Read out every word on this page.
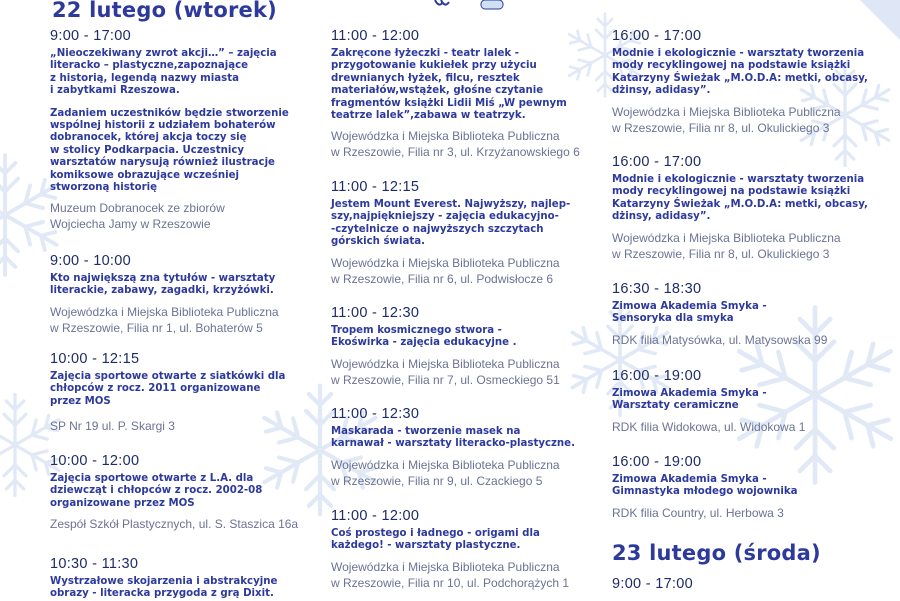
22 lutego (wtorek)
9:00 - 17:00
„Nieoczekiwany zwrot akcji…” – zajęcia
literacko – plastyczne,zapoznające
z historią, legendą nazwy miasta
i zabytkami Rzeszowa.
Zadaniem uczestników będzie stworzenie
wspólnej historii z udziałem bohaterów
dobranocek, której akcja toczy się
w stolicy Podkarpacia. Uczestnicy
warsztatów narysują również ilustracje
komiksowe obrazujące wcześniej
stworzoną historię
Muzeum Dobranocek ze zbiorów
Wojciecha Jamy w Rzeszowie
9:00 - 10:00
Kto największą zna tytułów - warsztaty
literackie, zabawy, zagadki, krzyżówki.
Wojewódzka i Miejska Biblioteka Publiczna
w Rzeszowie, Filia nr 1, ul. Bohaterów 5
10:00 - 12:15
Zajęcia sportowe otwarte z siatkówki dla
chłopców z rocz. 2011 organizowane
przez MOS
SP Nr 19 ul. P. Skargi 3
10:00 - 12:00
Zajęcia sportowe otwarte z L.A. dla
dziewcząt i chłopców z rocz. 2002-08
organizowane przez MOS
Zespół Szkół Plastycznych, ul. S. Staszica 16a
10:30 - 11:30
Wystrzałowe skojarzenia i abstrakcyjne
obrazy - literacka przygoda z grą Dixit.
11:00 - 12:00
Zakręcone łyżeczki - teatr lalek -
przygotowanie kukiełek przy użyciu
drewnianych łyżek, filcu, resztek
materiałów,wstążek, głośne czytanie
fragmentów książki Lidii Miś „W pewnym
teatrze lalek”,zabawa w teatrzyk.
Wojewódzka i Miejska Biblioteka Publiczna
w Rzeszowie, Filia nr 3, ul. Krzyżanowskiego 6
11:00 - 12:15
Jestem Mount Everest. Najwyższy, najlep-
szy,najpiękniejszy - zajęcia edukacyjno-
-czytelnicze o najwyższych szczytach
górskich świata.
Wojewódzka i Miejska Biblioteka Publiczna
w Rzeszowie, Filia nr 6, ul. Podwisłocze 6
11:00 - 12:30
Tropem kosmicznego stwora -
Ekoświrka - zajęcia edukacyjne .
Wojewódzka i Miejska Biblioteka Publiczna
w Rzeszowie, Filia nr 7, ul. Osmeckiego 51
11:00 - 12:30
Maskarada - tworzenie masek na
karnawał - warsztaty literacko-plastyczne.
Wojewódzka i Miejska Biblioteka Publiczna
w Rzeszowie, Filia nr 9, ul. Czackiego 5
11:00 - 12:00
Coś prostego i ładnego - origami dla
każdego! - warsztaty plastyczne.
Wojewódzka i Miejska Biblioteka Publiczna
w Rzeszowie, Filia nr 10, ul. Podchorążych 1
16:00 - 17:00
Modnie i ekologicznie - warsztaty tworzenia
mody recyklingowej na podstawie książki
Katarzyny Świeżak „M.O.D.A: metki, obcasy,
dżinsy, adidasy”.
Wojewódzka i Miejska Biblioteka Publiczna
w Rzeszowie, Filia nr 8, ul. Okulickiego 3
16:00 - 17:00
Modnie i ekologicznie - warsztaty tworzenia
mody recyklingowej na podstawie książki
Katarzyny Świeżak „M.O.D.A: metki, obcasy,
dżinsy, adidasy”.
Wojewódzka i Miejska Biblioteka Publiczna
w Rzeszowie, Filia nr 8, ul. Okulickiego 3
16:30 - 18:30
Zimowa Akademia Smyka -
Sensoryka dla smyka
RDK filia Matysówka, ul. Matysowska 99
16:00 - 19:00
Zimowa Akademia Smyka -
Warsztaty ceramiczne
RDK filia Widokowa, ul. Widokowa 1
16:00 - 19:00
Zimowa Akademia Smyka -
Gimnastyka młodego wojownika
RDK filia Country, ul. Herbowa 3
23 lutego (środa)
9:00 - 17:00
